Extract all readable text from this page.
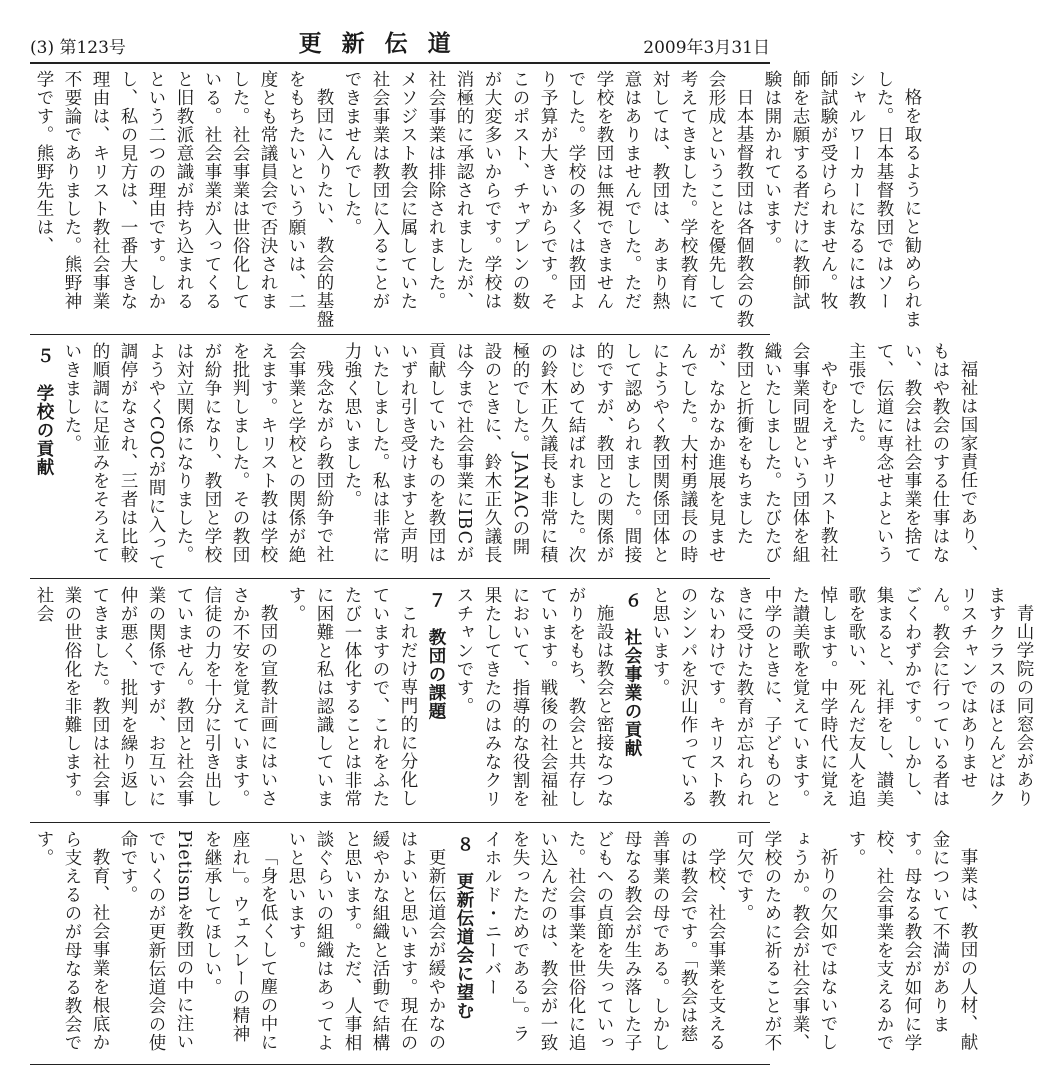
(3) 第123号	更新伝道	2009年3月31日

格を取るようにと勧められました。日本基督教団ではソーシャルワーカーになるには教師試験が受けられません。牧師を志願する者だけに教師試験は開かれています。

日本基督教団は各個教会の教会形成ということを優先して考えてきました。学校教育に対しては、教団は、あまり熱意はありませんでした。ただ学校を教団は無視できませんでした。学校の多くは教団より予算が大きいからです。そこのポスト、チャプレンの数が大変多いからです。学校は消極的に承認されましたが、社会事業は排除されました。メソジスト教会に属していた社会事業は教団に入ることができませんでした。

教団に入りたい、教会的基盤をもちたいという願いは、二度とも常議員会で否決されました。社会事業は世俗化している。社会事業が入ってくると旧教派意識が持ち込まれるという二つの理由です。しかし、私の見方は、一番大きな理由は、キリスト教社会事業不要論でありました。熊野神学です。熊野先生は、

福祉は国家責任であり、もはや教会のする仕事はない、教会は社会事業を捨てて、伝道に専念せよという主張でした。

やむをえずキリスト教社会事業同盟という団体を組織いたしました。たびたび教団と折衝をもちましたが、なかなか進展を見ませんでした。大村勇議長の時にようやく教団関係団体として認められました。間接的ですが、教団との関係がはじめて結ばれました。次の鈴木正久議長も非常に積極的でした。JANACの開設のときに、鈴木正久議長は今まで社会事業にIBCが貢献していたものを教団はいずれ引き受けますと声明いたしました。私は非常に力強く思いました。

残念ながら教団紛争で社会事業と学校との関係が絶えます。キリスト教は学校を批判しました。その教団が紛争になり、教団と学校は対立関係になりました。ようやくCOCが間に入って調停がなされ、三者は比較的順調に足並みをそろえていきました。

５　学校の貢献

青山学院の同窓会がありますクラスのほとんどはクリスチャンではありません。教会に行っている者はごくわずかです。しかし、集まると、礼拝をし、讃美歌を歌い、死んだ友人を追悼します。中学時代に覚えた讃美歌を覚えています。中学のときに、子どものときに受けた教育が忘れられないわけです。キリスト教のシンパを沢山作っていると思います。

６　社会事業の貢献

施設は教会と密接なつながりをもち、教会と共存しています。戦後の社会福祉において、指導的な役割を果たしてきたのはみなクリスチャンです。

７　教団の課題

これだけ専門的に分化していますので、これをふたたび一体化することは非常に困難と私は認識しています。

教団の宣教計画にはいささか不安を覚えています。信徒の力を十分に引き出していません。教団と社会事業の関係ですが、お互いに仲が悪く、批判を繰り返してきました。教団は社会事業の世俗化を非難します。社会

事業は、教団の人材、献金について不満があります。母なる教会が如何に学校、社会事業を支えるかです。

祈りの欠如ではないでしょうか。教会が社会事業、学校のために祈ることが不可欠です。

学校、社会事業を支えるのは教会です。「教会は慈善事業の母である。しかし母なる教会が生み落した子どもへの貞節を失っていった。社会事業を世俗化に追い込んだのは、教会が一致を失ったためである」。ライホルド・ニーバー

８　更新伝道会に望む

更新伝道会が緩やかなのはよいと思います。現在の緩やかな組織と活動で結構と思います。ただ、人事相談ぐらいの組織はあってよいと思います。

「身を低くして塵の中に座れ」。ウェスレーの精神を継承してほしい。Pietismを教団の中に注いでいくのが更新伝道会の使命です。

教育、社会事業を根底から支えるのが母なる教会です。
